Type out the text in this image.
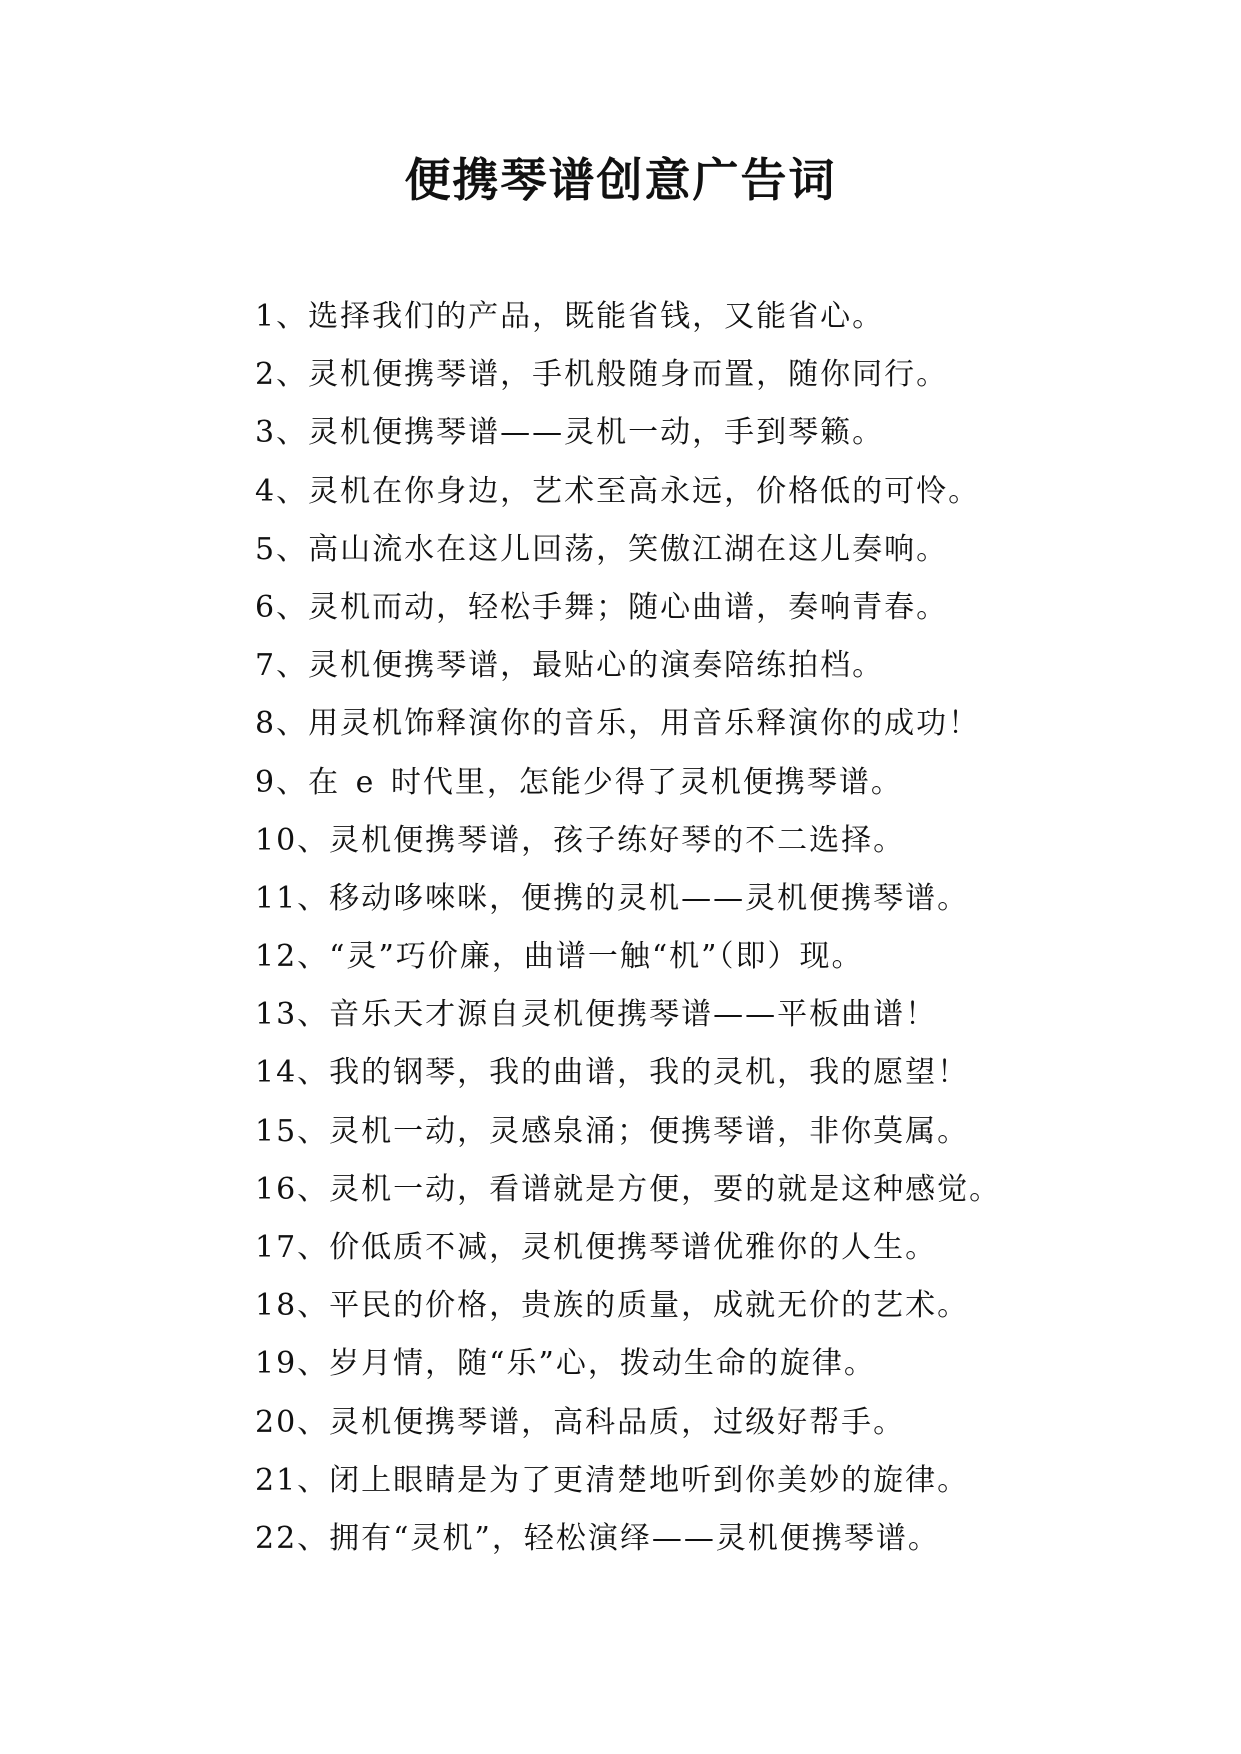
便携琴谱创意广告词
1、选择我们的产品，既能省钱，又能省心。
2、灵机便携琴谱，手机般随身而置，随你同行。
3、灵机便携琴谱——灵机一动，手到琴籁。
4、灵机在你身边，艺术至高永远，价格低的可怜。
5、高山流水在这儿回荡，笑傲江湖在这儿奏响。
6、灵机而动，轻松手舞；随心曲谱，奏响青春。
7、灵机便携琴谱，最贴心的演奏陪练拍档。
8、用灵机饰释演你的音乐，用音乐释演你的成功！
9、在 e 时代里，怎能少得了灵机便携琴谱。
10、灵机便携琴谱，孩子练好琴的不二选择。
11、移动哆唻咪，便携的灵机——灵机便携琴谱。
12、“灵”巧价廉，曲谱一触“机”（即）现。
13、音乐天才源自灵机便携琴谱——平板曲谱！
14、我的钢琴，我的曲谱，我的灵机，我的愿望！
15、灵机一动，灵感泉涌；便携琴谱，非你莫属。
16、灵机一动，看谱就是方便，要的就是这种感觉。
17、价低质不减，灵机便携琴谱优雅你的人生。
18、平民的价格，贵族的质量，成就无价的艺术。
19、岁月情，随“乐”心，拨动生命的旋律。
20、灵机便携琴谱，高科品质，过级好帮手。
21、闭上眼睛是为了更清楚地听到你美妙的旋律。
22、拥有“灵机”，轻松演绎——灵机便携琴谱。
